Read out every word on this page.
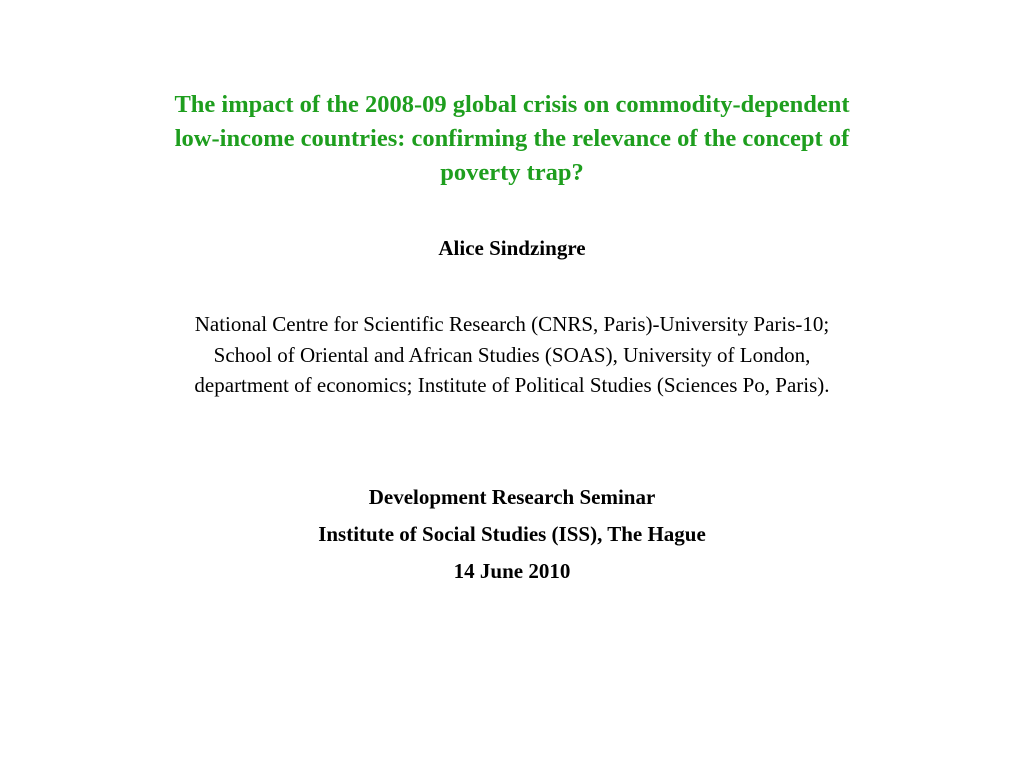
The impact of the 2008-09 global crisis on commodity-dependent
low-income countries: confirming the relevance of the concept of
poverty trap?
Alice Sindzingre
National Centre for Scientific Research (CNRS, Paris)-University Paris-10;
School of Oriental and African Studies (SOAS), University of London,
department of economics; Institute of Political Studies (Sciences Po, Paris).
Development Research Seminar
Institute of Social Studies (ISS), The Hague
14 June 2010
